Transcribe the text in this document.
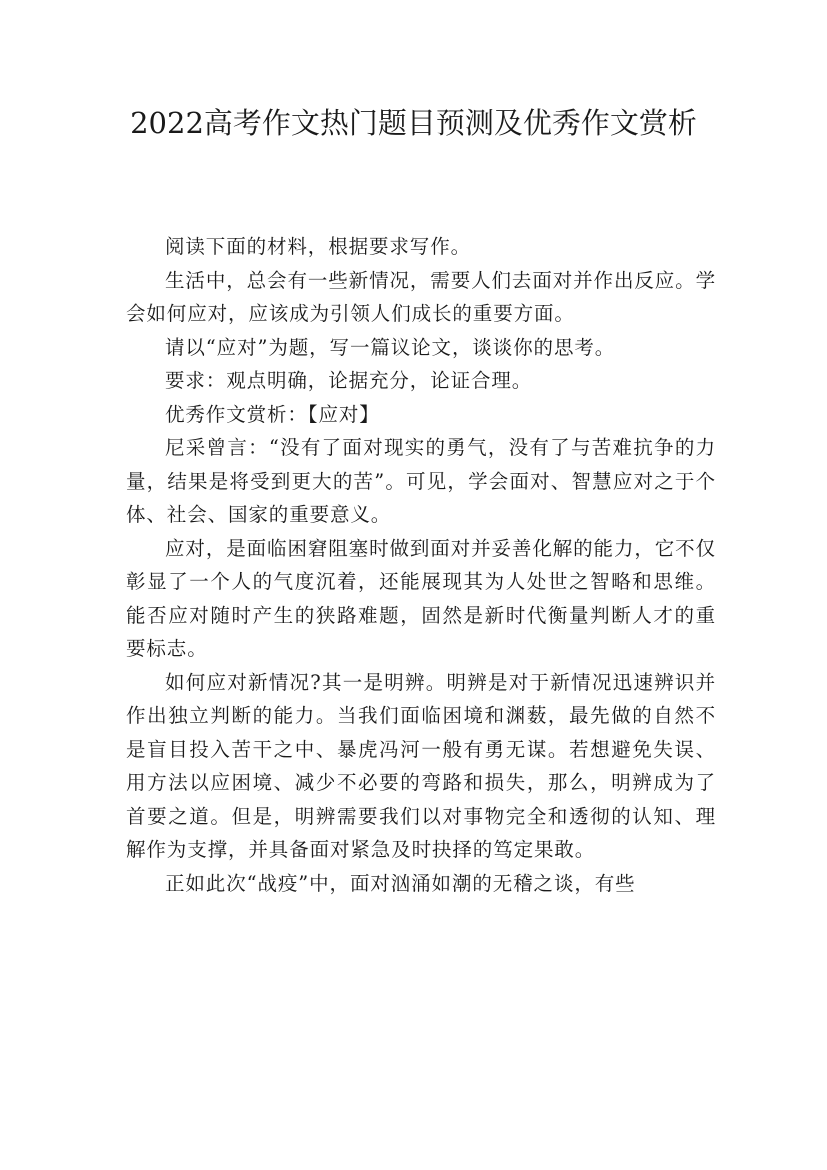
2022高考作文热门题目预测及优秀作文赏析

阅读下面的材料，根据要求写作。

生活中，总会有一些新情况，需要人们去面对并作出反应。学会如何应对，应该成为引领人们成长的重要方面。

请以“应对”为题，写一篇议论文，谈谈你的思考。

要求：观点明确，论据充分，论证合理。

优秀作文赏析：【应对】

尼采曾言：“没有了面对现实的勇气，没有了与苦难抗争的力量，结果是将受到更大的苦”。可见，学会面对、智慧应对之于个体、社会、国家的重要意义。

应对，是面临困窘阻塞时做到面对并妥善化解的能力，它不仅彰显了一个人的气度沉着，还能展现其为人处世之智略和思维。能否应对随时产生的狭路难题，固然是新时代衡量判断人才的重要标志。

如何应对新情况?其一是明辨。明辨是对于新情况迅速辨识并作出独立判断的能力。当我们面临困境和渊薮，最先做的自然不是盲目投入苦干之中、暴虎冯河一般有勇无谋。若想避免失误、用方法以应困境、减少不必要的弯路和损失，那么，明辨成为了首要之道。但是，明辨需要我们以对事物完全和透彻的认知、理解作为支撑，并具备面对紧急及时抉择的笃定果敢。

正如此次“战疫”中，面对汹涌如潮的无稽之谈，有些
